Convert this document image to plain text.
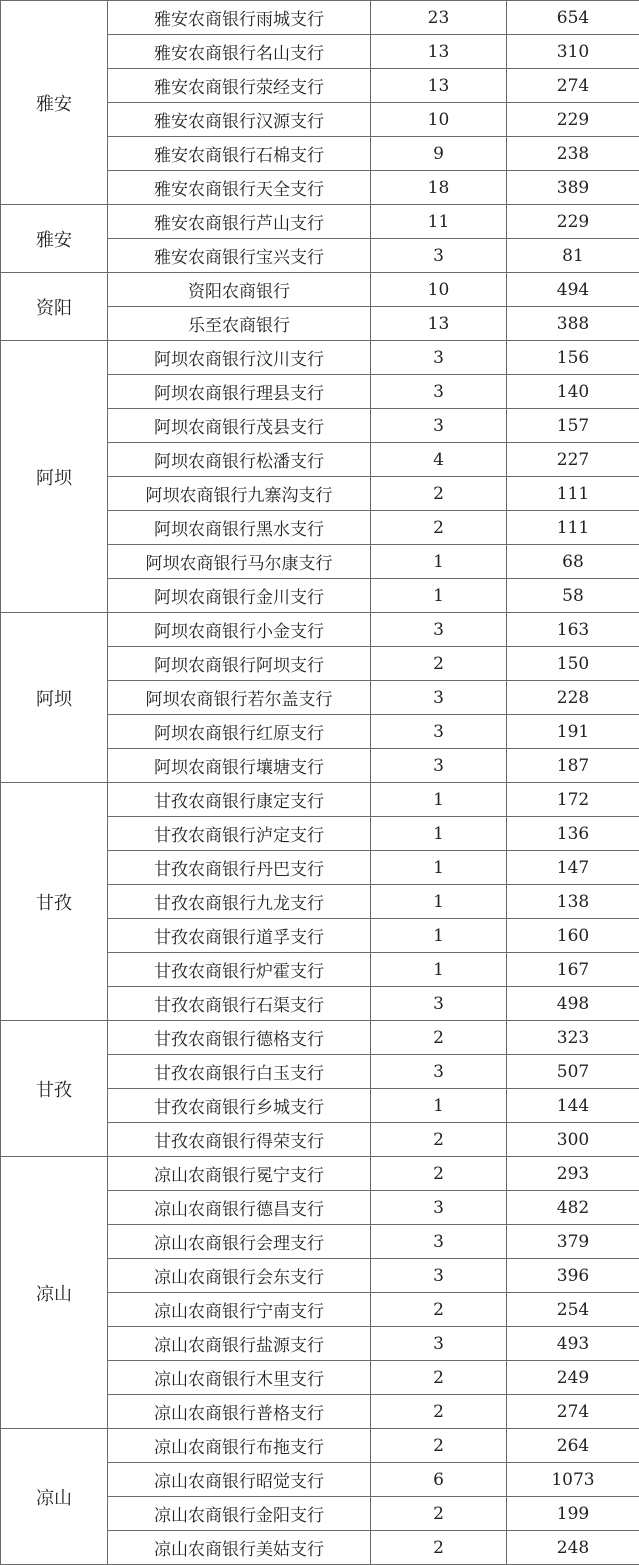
雅安	雅安农商银行雨城支行	23	654
	雅安农商银行名山支行	13	310
	雅安农商银行荥经支行	13	274
	雅安农商银行汉源支行	10	229
	雅安农商银行石棉支行	9	238
	雅安农商银行天全支行	18	389
雅安	雅安农商银行芦山支行	11	229
	雅安农商银行宝兴支行	3	81
资阳	资阳农商银行	10	494
	乐至农商银行	13	388
阿坝	阿坝农商银行汶川支行	3	156
	阿坝农商银行理县支行	3	140
	阿坝农商银行茂县支行	3	157
	阿坝农商银行松潘支行	4	227
	阿坝农商银行九寨沟支行	2	111
	阿坝农商银行黑水支行	2	111
	阿坝农商银行马尔康支行	1	68
	阿坝农商银行金川支行	1	58
阿坝	阿坝农商银行小金支行	3	163
	阿坝农商银行阿坝支行	2	150
	阿坝农商银行若尔盖支行	3	228
	阿坝农商银行红原支行	3	191
	阿坝农商银行壤塘支行	3	187
甘孜	甘孜农商银行康定支行	1	172
	甘孜农商银行泸定支行	1	136
	甘孜农商银行丹巴支行	1	147
	甘孜农商银行九龙支行	1	138
	甘孜农商银行道孚支行	1	160
	甘孜农商银行炉霍支行	1	167
	甘孜农商银行石渠支行	3	498
甘孜	甘孜农商银行德格支行	2	323
	甘孜农商银行白玉支行	3	507
	甘孜农商银行乡城支行	1	144
	甘孜农商银行得荣支行	2	300
凉山	凉山农商银行冕宁支行	2	293
	凉山农商银行德昌支行	3	482
	凉山农商银行会理支行	3	379
	凉山农商银行会东支行	3	396
	凉山农商银行宁南支行	2	254
	凉山农商银行盐源支行	3	493
	凉山农商银行木里支行	2	249
	凉山农商银行普格支行	2	274
凉山	凉山农商银行布拖支行	2	264
	凉山农商银行昭觉支行	6	1073
	凉山农商银行金阳支行	2	199
	凉山农商银行美姑支行	2	248
